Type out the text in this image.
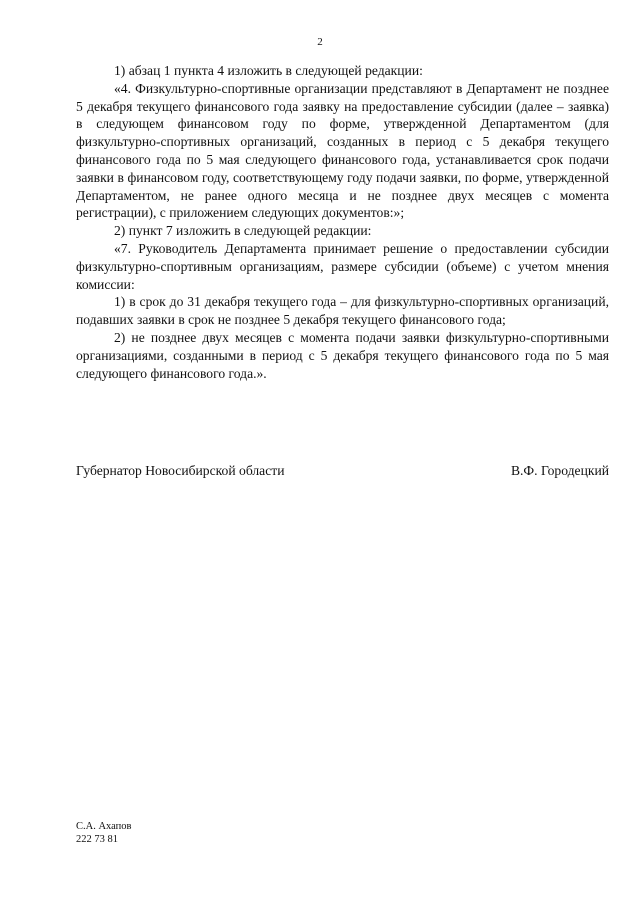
2

1) абзац 1 пункта 4 изложить в следующей редакции:

«4. Физкультурно-спортивные организации представляют в Департамент не позднее 5 декабря текущего финансового года заявку на предоставление субсидии (далее – заявка) в следующем финансовом году по форме, утвержденной Департаментом (для физкультурно-спортивных организаций, созданных в период с 5 декабря текущего финансового года по 5 мая следующего финансового года, устанавливается срок подачи заявки в финансовом году, соответствующему году подачи заявки, по форме, утвержденной Департаментом, не ранее одного месяца и не позднее двух месяцев с момента регистрации), с приложением следующих документов:»;

2) пункт 7 изложить в следующей редакции:

«7. Руководитель Департамента принимает решение о предоставлении субсидии физкультурно-спортивным организациям, размере субсидии (объеме) с учетом мнения комиссии:

1) в срок до 31 декабря текущего года – для физкультурно-спортивных организаций, подавших заявки в срок не позднее 5 декабря текущего финансового года;

2) не позднее двух месяцев с момента подачи заявки физкультурно-спортивными организациями, созданными в период с 5 декабря текущего финансового года по 5 мая следующего финансового года.».

Губернатор Новосибирской области	В.Ф. Городецкий
С.А. Ахапов
222 73 81
